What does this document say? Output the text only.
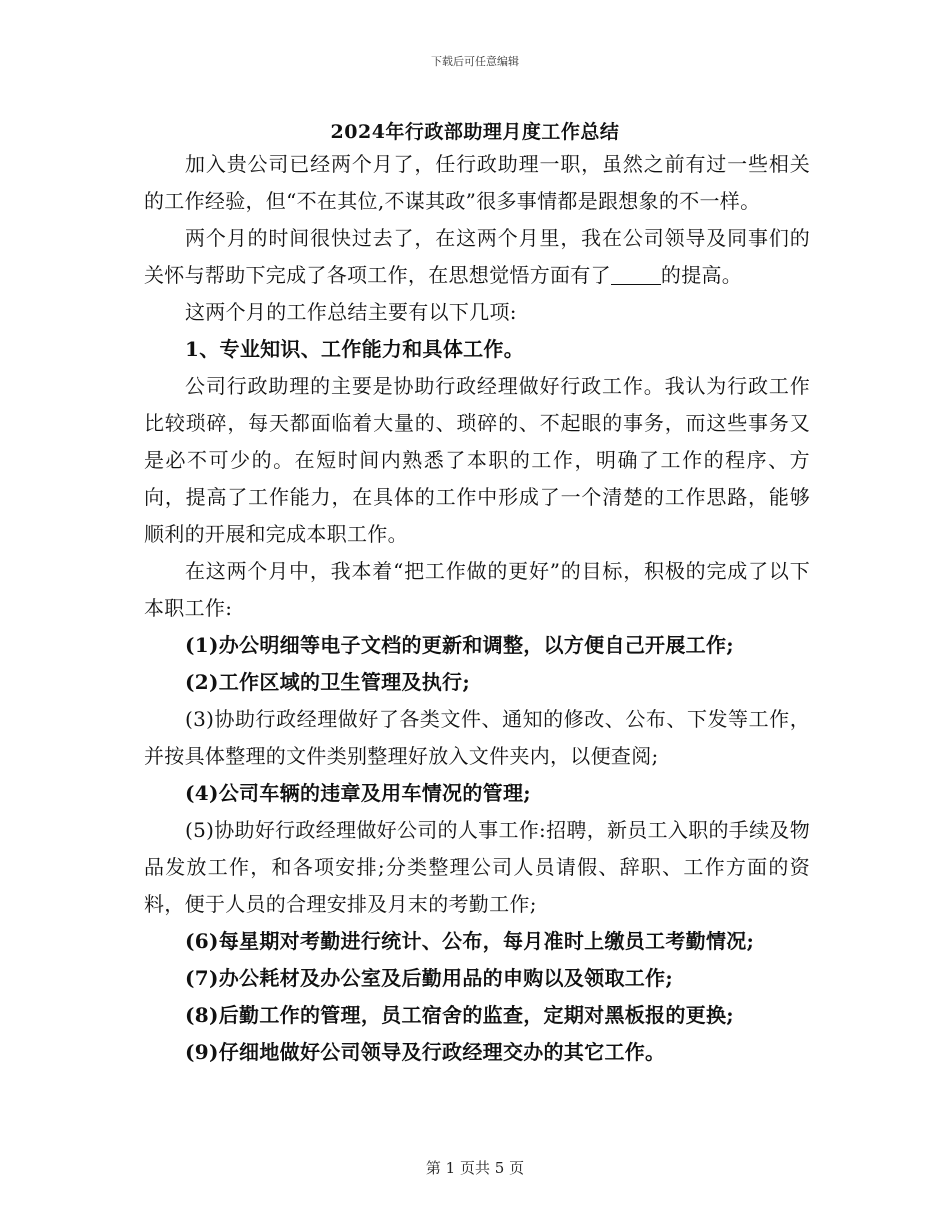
下载后可任意编辑
2024年行政部助理月度工作总结

加入贵公司已经两个月了，任行政助理一职，虽然之前有过一些相关的工作经验，但“不在其位,不谋其政”很多事情都是跟想象的不一样。

两个月的时间很快过去了，在这两个月里，我在公司领导及同事们的关怀与帮助下完成了各项工作，在思想觉悟方面有了	的提高。

这两个月的工作总结主要有以下几项:

1、专业知识、工作能力和具体工作。

公司行政助理的主要是协助行政经理做好行政工作。我认为行政工作比较琐碎，每天都面临着大量的、琐碎的、不起眼的事务，而这些事务又是必不可少的。在短时间内熟悉了本职的工作，明确了工作的程序、方向，提高了工作能力，在具体的工作中形成了一个清楚的工作思路，能够顺利的开展和完成本职工作。

在这两个月中，我本着“把工作做的更好”的目标，积极的完成了以下本职工作:

(1)办公明细等电子文档的更新和调整，以方便自己开展工作;

(2)工作区域的卫生管理及执行;

(3)协助行政经理做好了各类文件、通知的修改、公布、下发等工作，并按具体整理的文件类别整理好放入文件夹内，以便查阅;

(4)公司车辆的违章及用车情况的管理;

(5)协助好行政经理做好公司的人事工作:招聘，新员工入职的手续及物品发放工作，和各项安排;分类整理公司人员请假、辞职、工作方面的资料，便于人员的合理安排及月末的考勤工作;

(6)每星期对考勤进行统计、公布，每月准时上缴员工考勤情况;

(7)办公耗材及办公室及后勤用品的申购以及领取工作;

(8)后勤工作的管理，员工宿舍的监查，定期对黑板报的更换;

(9)仔细地做好公司领导及行政经理交办的其它工作。

第 1 页共 5 页
